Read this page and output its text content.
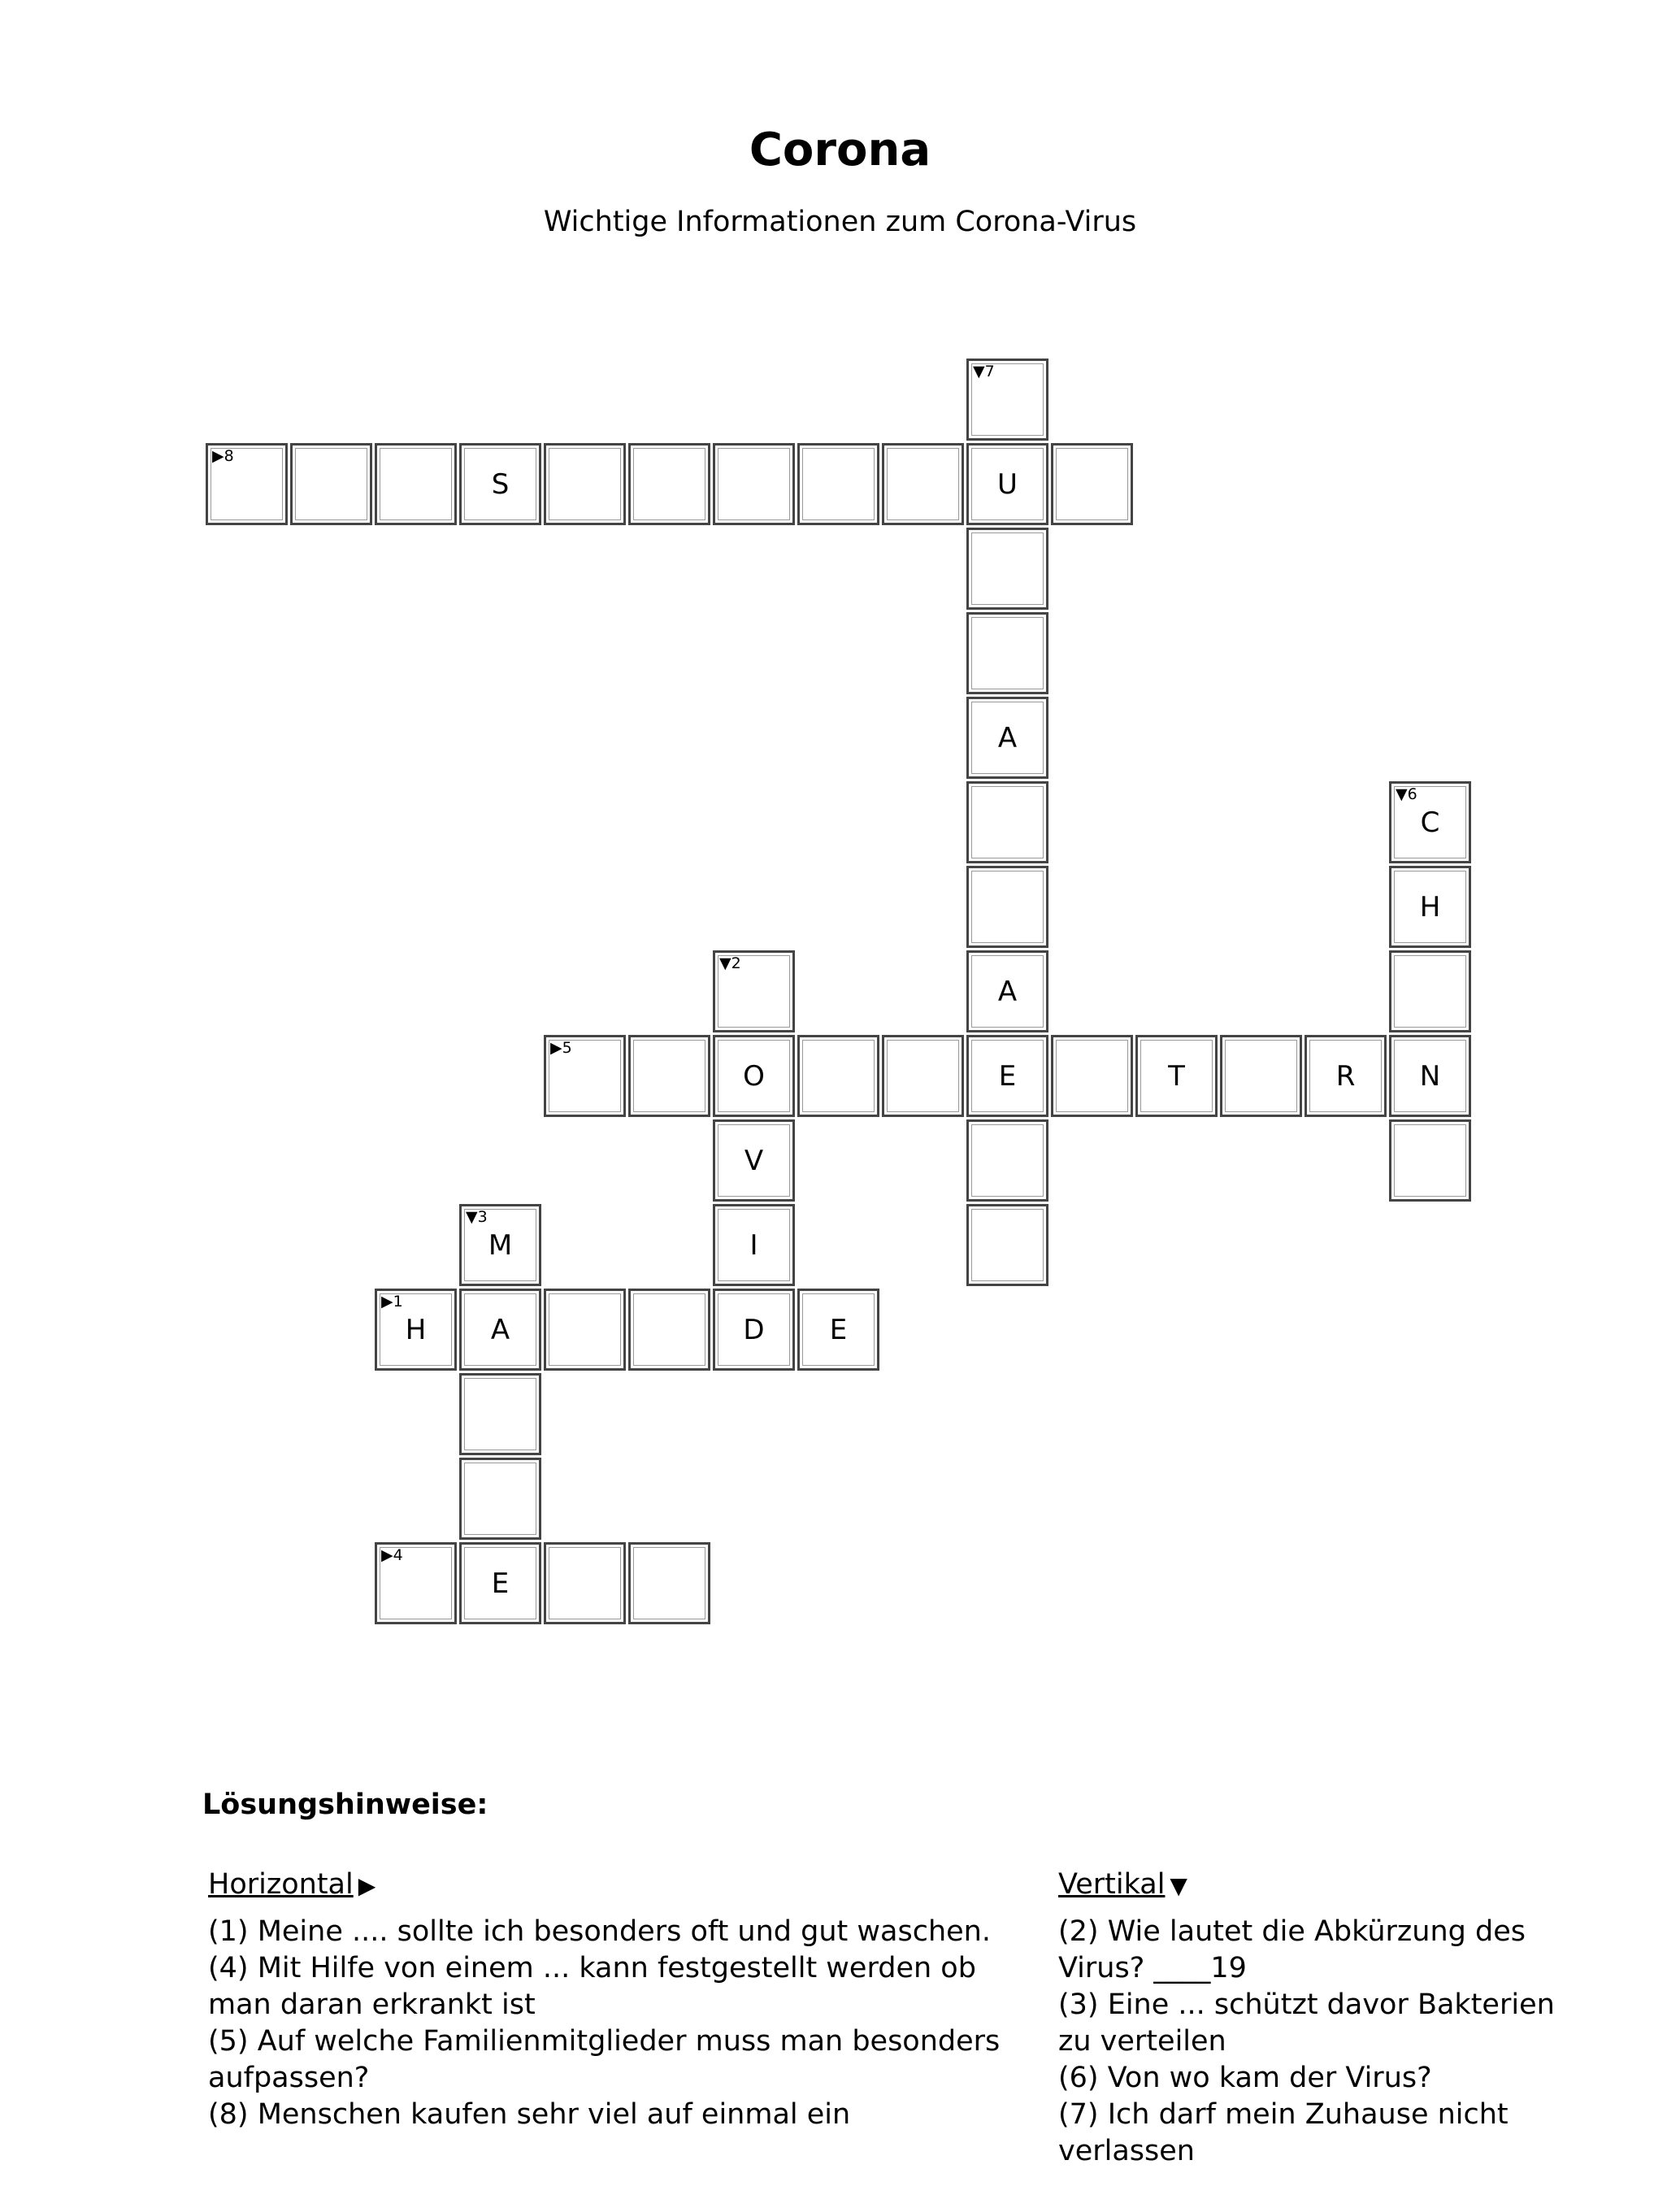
Corona
Wichtige Informationen zum Corona-Virus
▼7
▶8
S	U
A
▼6
C
H
▼2
A
▶5
O	E	T	R	N
V
▼3
M	I
▶1
H	A	D	E
▶4
E
Lösungshinweise:
Horizontal ▶

(1) Meine .... sollte ich besonders oft und gut waschen.

(4) Mit Hilfe von einem ... kann festgestellt werden ob man daran erkrankt ist

(5) Auf welche Familienmitglieder muss man besonders aufpassen?

(8) Menschen kaufen sehr viel auf einmal ein

Vertikal ▼

(2) Wie lautet die Abkürzung des Virus? ____19

(3) Eine ... schützt davor Bakterien zu verteilen

(6) Von wo kam der Virus?

(7) Ich darf mein Zuhause nicht verlassen
